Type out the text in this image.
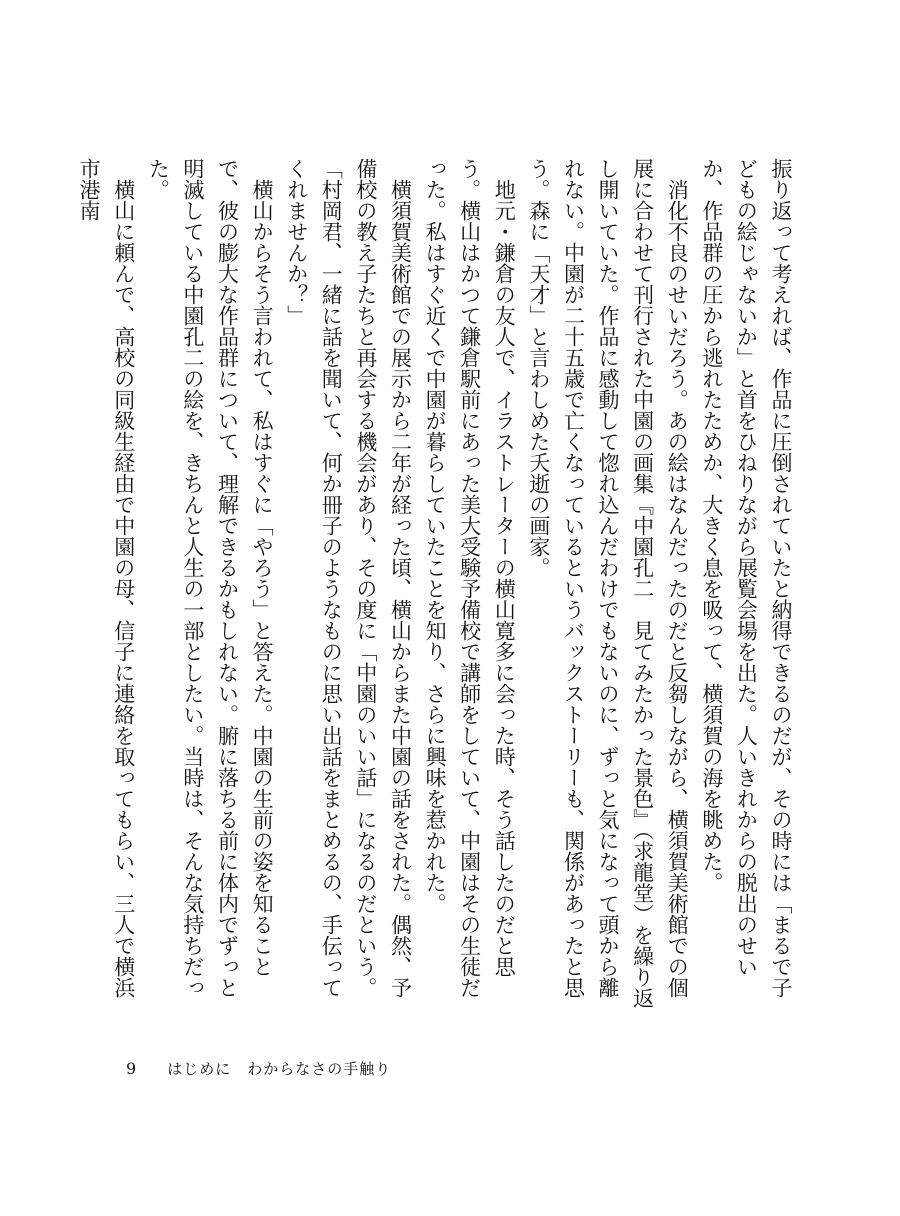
振り返って考えれば、作品に圧倒されていたと納得できるのだが、その時には「まるで子どもの絵じゃないか」と首をひねりながら展覧会場を出た。人いきれからの脱出のせいか、作品群の圧から逃れたためか、大きく息を吸って、横須賀の海を眺めた。

消化不良のせいだろう。あの絵はなんだったのだと反芻しながら、横須賀美術館での個展に合わせて刊行された中園の画集『中園孔二　見てみたかった景色』（求龍堂）を繰り返し開いていた。作品に感動して惚れ込んだわけでもないのに、ずっと気になって頭から離れない。中園が二十五歳で亡くなっているというバックストーリーも、関係があったと思う。森に「天才」と言わしめた夭逝の画家。

地元・鎌倉の友人で、イラストレーターの横山寛多に会った時、そう話したのだと思う。横山はかつて鎌倉駅前にあった美大受験予備校で講師をしていて、中園はその生徒だった。私はすぐ近くで中園が暮らしていたことを知り、さらに興味を惹かれた。

横須賀美術館での展示から二年が経った頃、横山からまた中園の話をされた。偶然、予備校の教え子たちと再会する機会があり、その度に「中園のいい話」になるのだという。

「村岡君、一緒に話を聞いて、何か冊子のようなものに思い出話をまとめるの、手伝ってくれませんか？」

横山からそう言われて、私はすぐに「やろう」と答えた。中園の生前の姿を知ることで、彼の膨大な作品群について、理解できるかもしれない。腑に落ちる前に体内でずっと明滅している中園孔二の絵を、きちんと人生の一部としたい。当時は、そんな気持ちだった。

横山に頼んで、高校の同級生経由で中園の母、信子に連絡を取ってもらい、三人で横浜市港南

9 はじめに　わからなさの手触り
